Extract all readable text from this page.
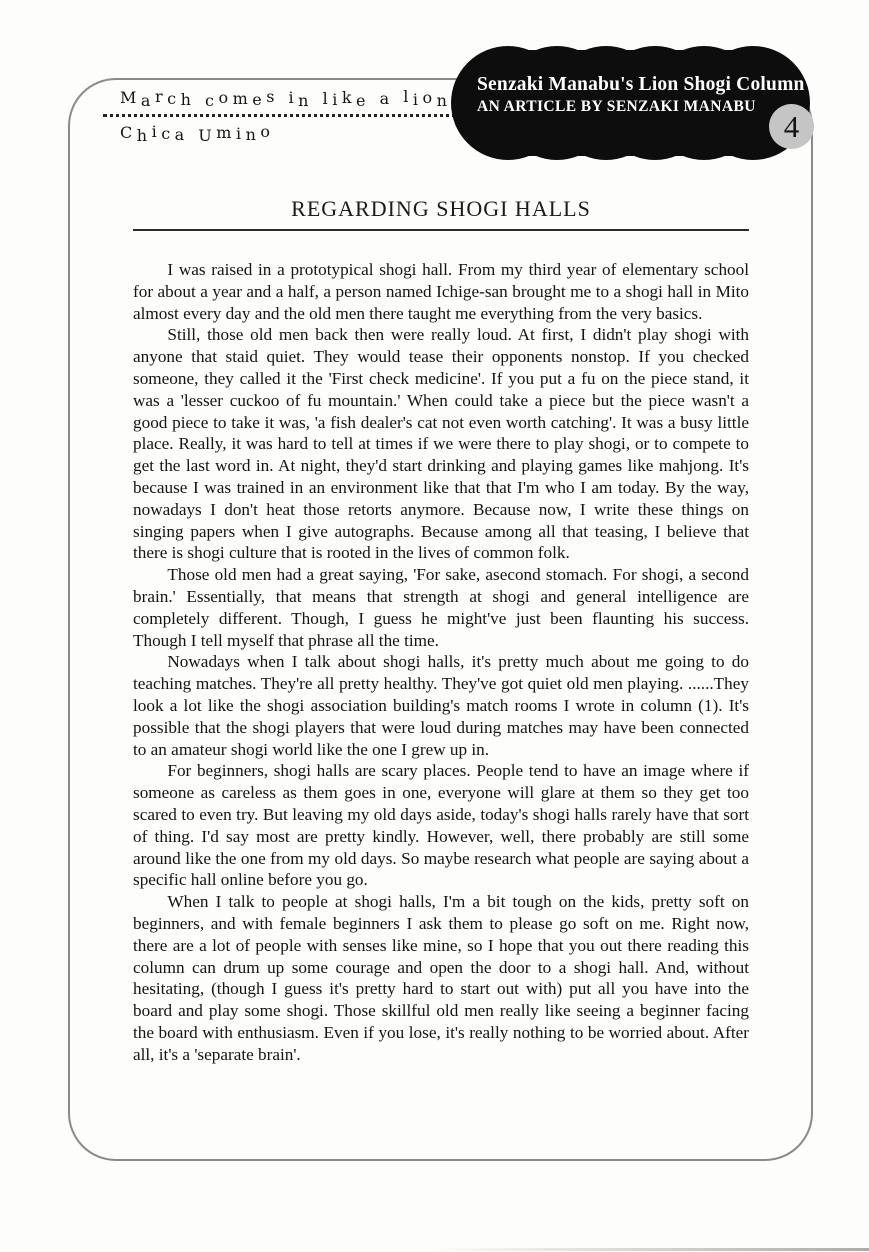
March comes in like a lion
Chica Umino
Senzaki Manabu's Lion Shogi Column
AN ARTICLE BY SENZAKI MANABU
4
REGARDING SHOGI HALLS

I was raised in a prototypical shogi hall. From my third year of elementary school for about a year and a half, a person named Ichige-san brought me to a shogi hall in Mito almost every day and the old men there taught me everything from the very basics.

Still, those old men back then were really loud. At first, I didn't play shogi with anyone that staid quiet. They would tease their opponents nonstop. If you checked someone, they called it the 'First check medicine'. If you put a fu on the piece stand, it was a 'lesser cuckoo of fu mountain.' When could take a piece but the piece wasn't a good piece to take it was, 'a fish dealer's cat not even worth catching'. It was a busy little place. Really, it was hard to tell at times if we were there to play shogi, or to compete to get the last word in. At night, they'd start drinking and playing games like mahjong. It's because I was trained in an environment like that that I'm who I am today. By the way, nowadays I don't heat those retorts anymore. Because now, I write these things on singing papers when I give autographs. Because among all that teasing, I believe that there is shogi culture that is rooted in the lives of common folk.

Those old men had a great saying, 'For sake, asecond stomach. For shogi, a second brain.' Essentially, that means that strength at shogi and general intelligence are completely different. Though, I guess he might've just been flaunting his success. Though I tell myself that phrase all the time.

Nowadays when I talk about shogi halls, it's pretty much about me going to do teaching matches. They're all pretty healthy. They've got quiet old men playing. ......They look a lot like the shogi association building's match rooms I wrote in column (1). It's possible that the shogi players that were loud during matches may have been connected to an amateur shogi world like the one I grew up in.

For beginners, shogi halls are scary places. People tend to have an image where if someone as careless as them goes in one, everyone will glare at them so they get too scared to even try. But leaving my old days aside, today's shogi halls rarely have that sort of thing. I'd say most are pretty kindly. However, well, there probably are still some around like the one from my old days. So maybe research what people are saying about a specific hall online before you go.

When I talk to people at shogi halls, I'm a bit tough on the kids, pretty soft on beginners, and with female beginners I ask them to please go soft on me. Right now, there are a lot of people with senses like mine, so I hope that you out there reading this column can drum up some courage and open the door to a shogi hall. And, without hesitating, (though I guess it's pretty hard to start out with) put all you have into the board and play some shogi. Those skillful old men really like seeing a beginner facing the board with enthusiasm. Even if you lose, it's really nothing to be worried about. After all, it's a 'separate brain'.
